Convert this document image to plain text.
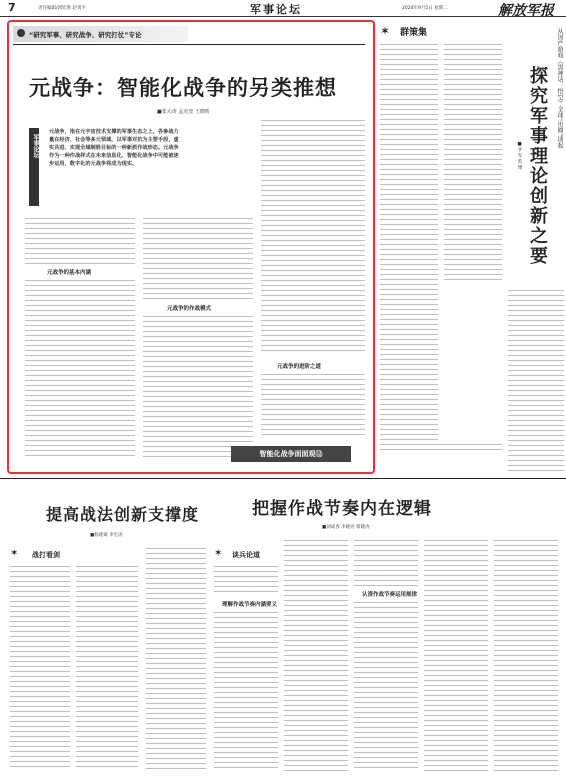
7	责任编辑/郭钦然 赵勇平	军事论坛	2024年9月5日 星期二	解放军报
“研究军事、研究战争、研究打仗”专论
元战争：智能化战争的另类推想
■张元涛 孟宪宽 王晓昕
军事论坛
元战争，指在元宇宙技术支撑的军事生态之上，各参战力量在经济、社会等多元领域，以军事对抗为主要手段，虚实共进、实现全域制胜目标的一种新质作战形态。元战争作为一种作战样式在未来信息化、智能化战争中可能被逐步运用，数字化的元战争将成为现实。
元战争的基本内涵
元战争的作战模式
元战争的进阶之道
智能化战争面面观⑫
✶ 群策集	从国产游戏《黑神话：悟空》全球“出圈”谈起
探究军事理论创新之要
■李 军 苏 博
提高战法创新支撑度
■杨建斌 李宏涛
✶ 战打看剑
把握作战节奏内在逻辑
■刘成春 李晓亮 蔡晓涛
✶ 谈兵论道
理解作战节奏内涵要义
认清作战节奏运用规律
